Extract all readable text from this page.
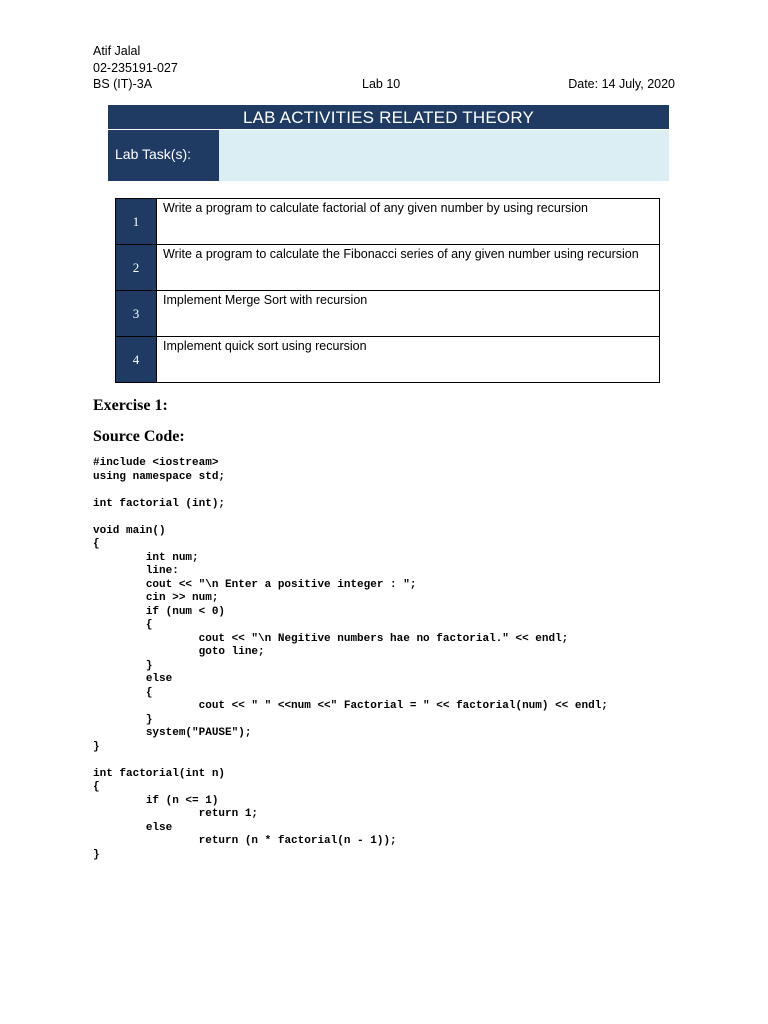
Atif Jalal
02-235191-027
BS (IT)-3A	Lab 10	Date: 14 July, 2020
LAB ACTIVITIES RELATED THEORY
Lab Task(s):
1	Write a program to calculate factorial of any given number by using recursion
2	Write a program to calculate the Fibonacci series of any given number using recursion
3	Implement Merge Sort with recursion
4	Implement quick sort using recursion
Exercise 1:
Source Code:
#include <iostream>
using namespace std;

int factorial (int);

void main()
{
	int num;
	line:
	cout << "\n Enter a positive integer : ";
	cin >> num;
	if (num < 0)
	{
		cout << "\n Negitive numbers hae no factorial." << endl;
		goto line;
	}
	else
	{
		cout << " " <<num <<" Factorial = " << factorial(num) << endl;
	}
	system("PAUSE");
}

int factorial(int n)
{
	if (n <= 1)
		return 1;
	else
		return (n * factorial(n - 1));
}
